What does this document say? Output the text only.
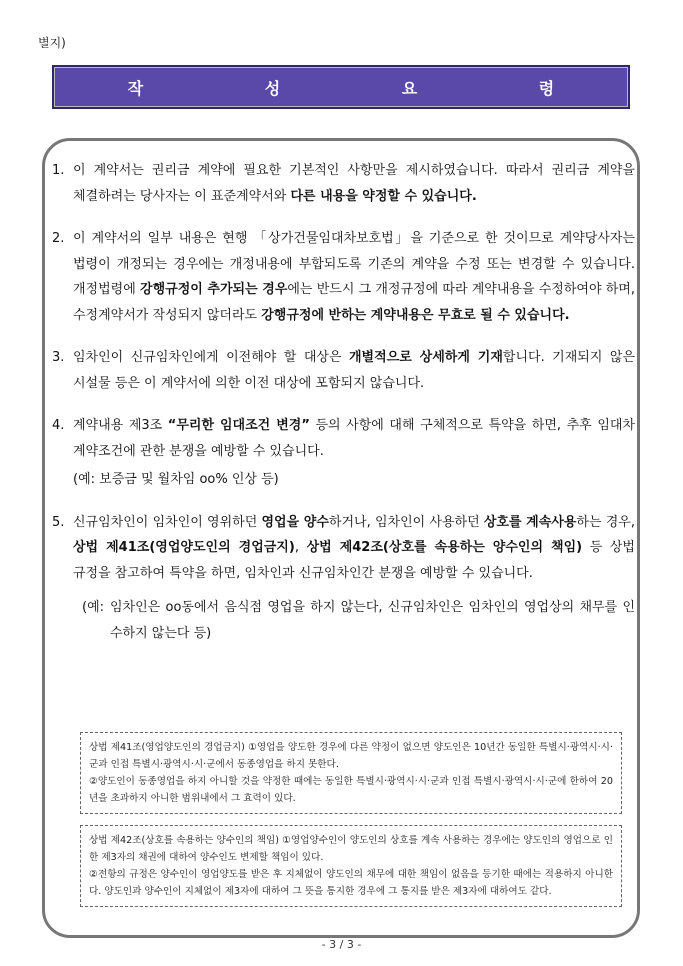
별지)
작 성 요 령
1. 이 계약서는 권리금 계약에 필요한 기본적인 사항만을 제시하였습니다. 따라서 권리금 계약을 체결하려는 당사자는 이 표준계약서와 다른 내용을 약정할 수 있습니다.
2. 이 계약서의 일부 내용은 현행 「상가건물임대차보호법」을 기준으로 한 것이므로 계약당사자는 법령이 개정되는 경우에는 개정내용에 부합되도록 기존의 계약을 수정 또는 변경할 수 있습니다. 개정법령에 강행규정이 추가되는 경우에는 반드시 그 개정규정에 따라 계약내용을 수정하여야 하며, 수정계약서가 작성되지 않더라도 강행규정에 반하는 계약내용은 무효로 될 수 있습니다.
3. 임차인이 신규임차인에게 이전해야 할 대상은 개별적으로 상세하게 기재합니다. 기재되지 않은 시설물 등은 이 계약서에 의한 이전 대상에 포함되지 않습니다.
4. 계약내용 제3조 “무리한 임대조건 변경” 등의 사항에 대해 구체적으로 특약을 하면, 추후 임대차 계약조건에 관한 분쟁을 예방할 수 있습니다.
(예: 보증금 및 월차임 oo% 인상 등)
5. 신규임차인이 임차인이 영위하던 영업을 양수하거나, 임차인이 사용하던 상호를 계속사용하는 경우, 상법 제41조(영업양도인의 경업금지), 상법 제42조(상호를 속용하는 양수인의 책임) 등 상법 규정을 참고하여 특약을 하면, 임차인과 신규임차인간 분쟁을 예방할 수 있습니다.
(예: 임차인은 oo동에서 음식점 영업을 하지 않는다, 신규임차인은 임차인의 영업상의 채무를 인수하지 않는다 등)

상법 제41조(영업양도인의 경업금지) ①영업을 양도한 경우에 다른 약정이 없으면 양도인은 10년간 동일한 특별시·광역시·시·군과 인접 특별시·광역시·시·군에서 동종영업을 하지 못한다.

②양도인이 동종영업을 하지 아니할 것을 약정한 때에는 동일한 특별시·광역시·시·군과 인접 특별시·광역시·시·군에 한하여 20년을 초과하지 아니한 범위내에서 그 효력이 있다.

상법 제42조(상호를 속용하는 양수인의 책임) ①영업양수인이 양도인의 상호를 계속 사용하는 경우에는 양도인의 영업으로 인한 제3자의 채권에 대하여 양수인도 변제할 책임이 있다.

②전항의 규정은 양수인이 영업양도를 받은 후 지체없이 양도인의 채무에 대한 책임이 없음을 등기한 때에는 적용하지 아니한다. 양도인과 양수인이 지체없이 제3자에 대하여 그 뜻을 통지한 경우에 그 통지를 받은 제3자에 대하여도 같다.

- 3 / 3 -
